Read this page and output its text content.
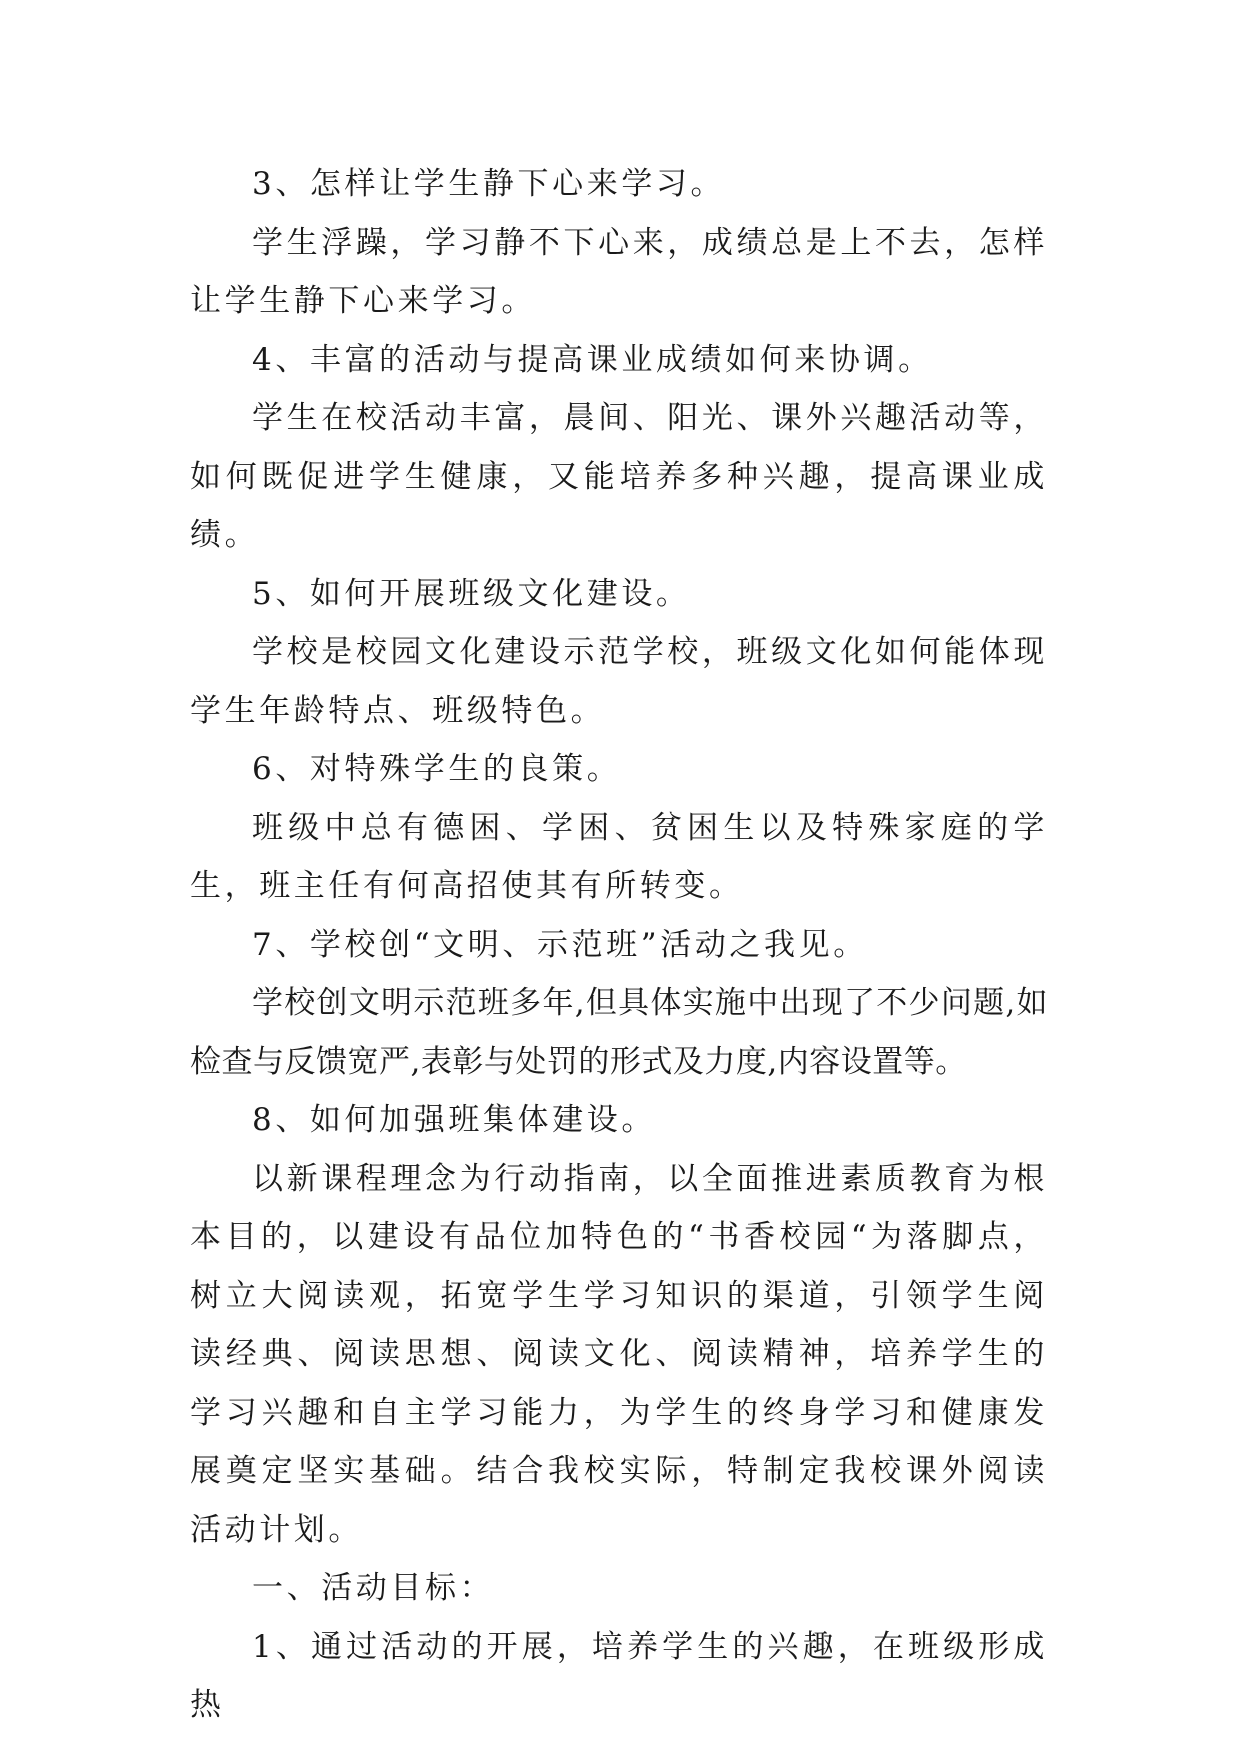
3、怎样让学生静下心来学习。

学生浮躁，学习静不下心来，成绩总是上不去，怎样让学生静下心来学习。

4、丰富的活动与提高课业成绩如何来协调。

学生在校活动丰富，晨间、阳光、课外兴趣活动等，如何既促进学生健康，又能培养多种兴趣，提高课业成绩。

5、如何开展班级文化建设。

学校是校园文化建设示范学校，班级文化如何能体现学生年龄特点、班级特色。

6、对特殊学生的良策。

班级中总有德困、学困、贫困生以及特殊家庭的学生，班主任有何高招使其有所转变。

7、学校创“文明、示范班”活动之我见。

学校创文明示范班多年,但具体实施中出现了不少问题,如检查与反馈宽严,表彰与处罚的形式及力度,内容设置等。

8、如何加强班集体建设。

以新课程理念为行动指南，以全面推进素质教育为根本目的，以建设有品位加特色的“书香校园“为落脚点，树立大阅读观，拓宽学生学习知识的渠道，引领学生阅读经典、阅读思想、阅读文化、阅读精神，培养学生的学习兴趣和自主学习能力，为学生的终身学习和健康发展奠定坚实基础。结合我校实际，特制定我校课外阅读活动计划。

一、活动目标：

1、通过活动的开展，培养学生的兴趣，在班级形成热
